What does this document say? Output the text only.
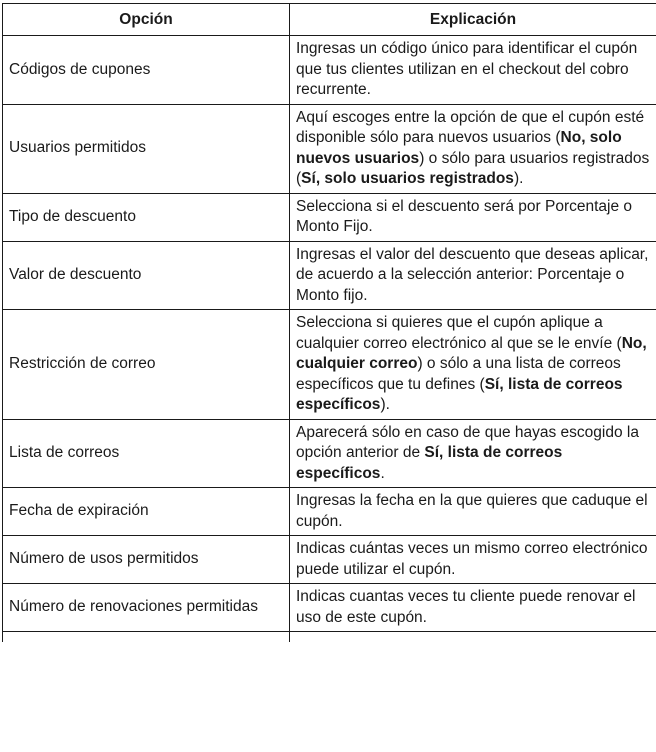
Opción	Explicación
Códigos de cupones	Ingresas un código único para identificar el cupón que tus clientes utilizan en el checkout del cobro recurrente.
Usuarios permitidos	Aquí escoges entre la opción de que el cupón esté disponible sólo para nuevos usuarios (No, solo nuevos usuarios) o sólo para usuarios registrados (Sí, solo usuarios registrados).
Tipo de descuento	Selecciona si el descuento será por Porcentaje o Monto Fijo.
Valor de descuento	Ingresas el valor del descuento que deseas aplicar, de acuerdo a la selección anterior: Porcentaje o Monto fijo.
Restricción de correo	Selecciona si quieres que el cupón aplique a cualquier correo electrónico al que se le envíe (No, cualquier correo) o sólo a una lista de correos específicos que tu defines (Sí, lista de correos específicos).
Lista de correos	Aparecerá sólo en caso de que hayas escogido la opción anterior de Sí, lista de correos específicos.
Fecha de expiración	Ingresas la fecha en la que quieres que caduque el cupón.
Número de usos permitidos	Indicas cuántas veces un mismo correo electrónico puede utilizar el cupón.
Número de renovaciones permitidas	Indicas cuantas veces tu cliente puede renovar el uso de este cupón.
